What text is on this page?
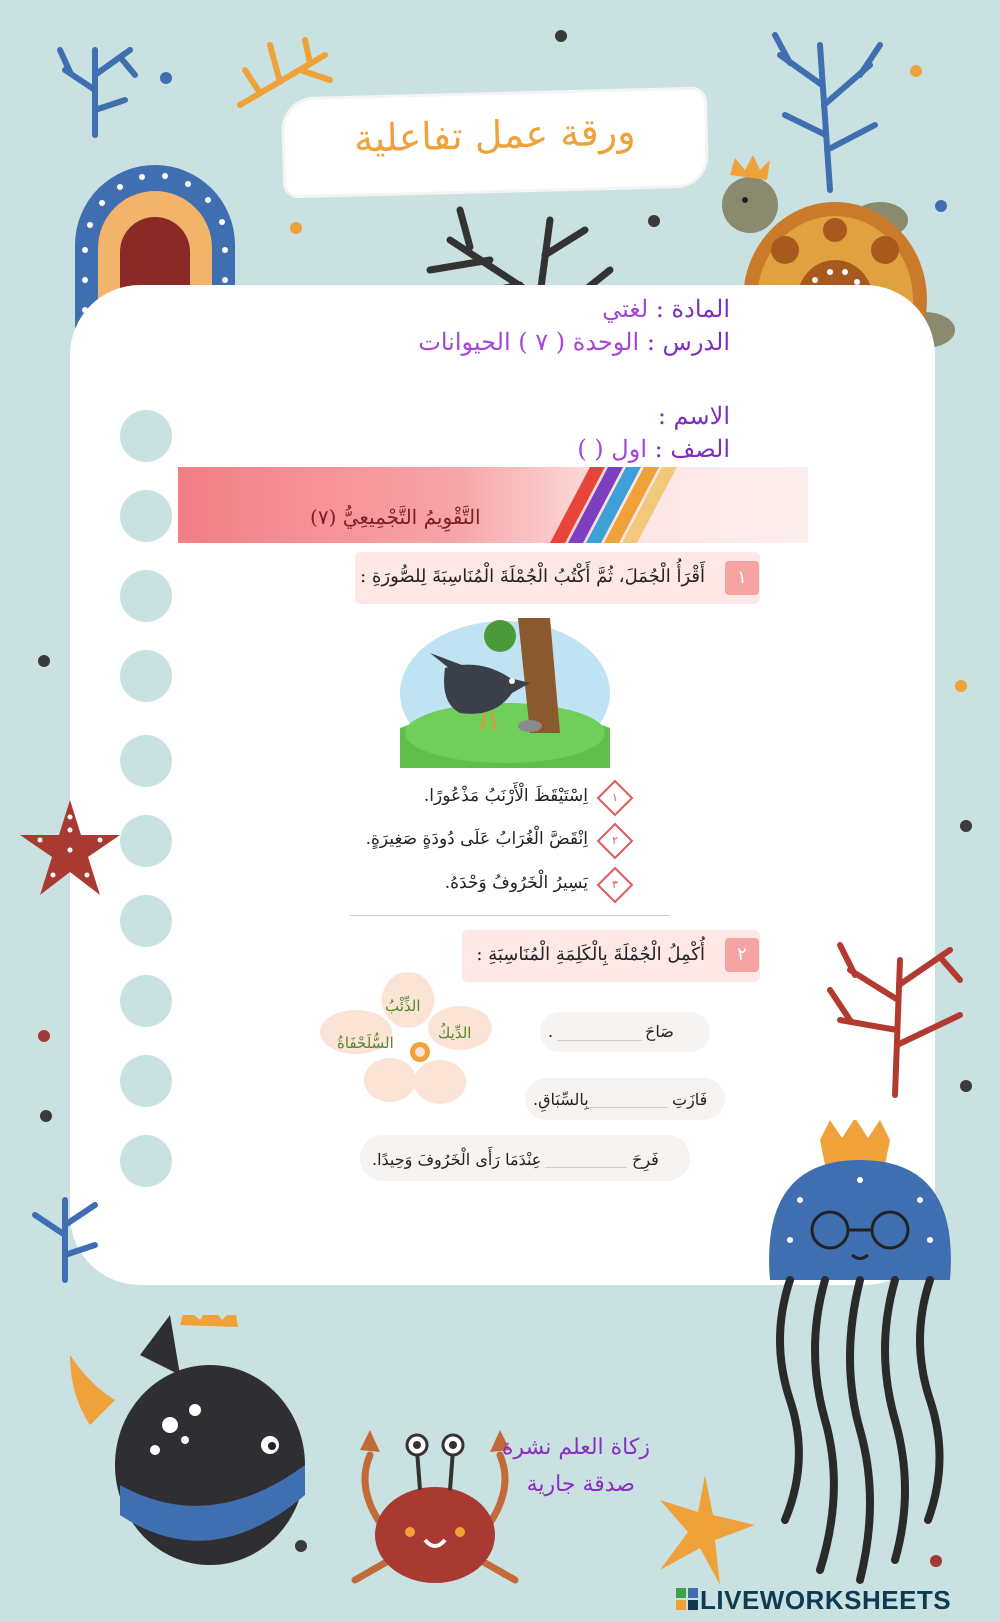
ورقة عمل تفاعلية
المادة : لغتي
الدرس : الوحدة ( ٧ ) الحيوانات
الاسم :
الصف : اول ( )
التَّقْوِيمُ التَّجْمِيعِيُّ (٧)
١
أَقْرَأُ الْجُمَلَ، ثُمَّ أَكْتُبُ الْجُمْلَةَ الْمُنَاسِبَةَ لِلصُّورَةِ :
١
اِسْتَيْقَظَ الْأَرْنَبُ مَذْعُورًا.
٢
اِنْقَضَّ الْغُرَابُ عَلَى دُودَةٍ صَغِيرَةٍ.
٣
يَسِيرُ الْخَرُوفُ وَحْدَهُ.
٢
أُكْمِلُ الْجُمْلَةَ بِالْكَلِمَةِ الْمُنَاسِبَةِ :
الذِّئْبُ
الدِّيكُ
السُّلَحْفَاةُ
صَاحَ
.
فَازَتِ
بِالسِّبَاقِ.
فَرِحَ
عِنْدَمَا رَأَى الْخَرُوفَ وَحِيدًا.
زكاة العلم نشرة
صدقة جارية
LIVEWORKSHEETS
